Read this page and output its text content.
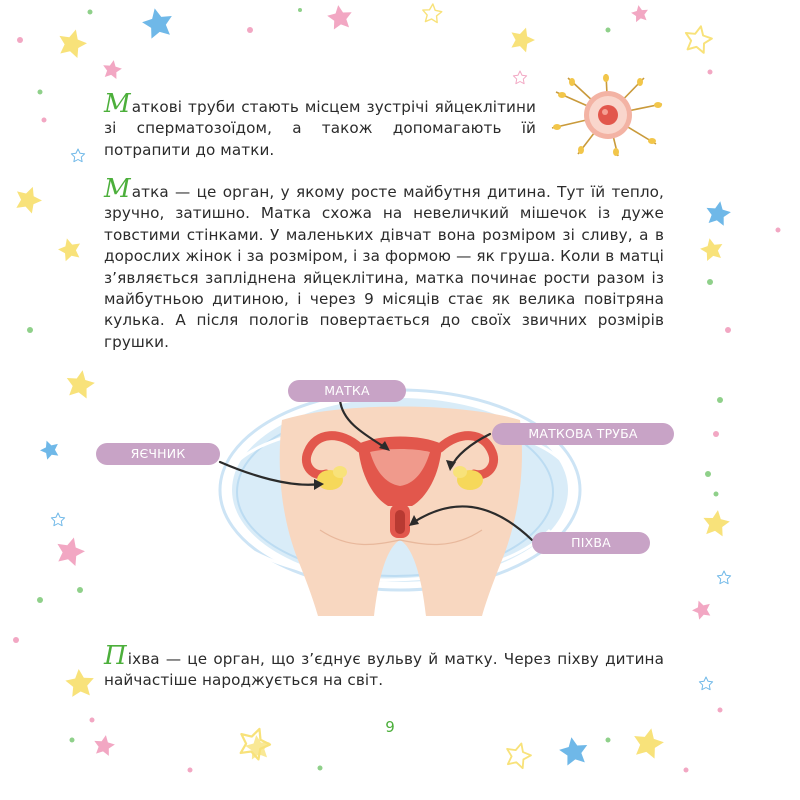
Маткові труби стають місцем зустрічі яйцеклітини зі сперматозоїдом, а також допомагають їй потрапити до матки.
Матка — це орган, у якому росте майбутня дитина. Тут їй тепло, зручно, затишно. Матка схожа на невеличкий мішечок із дуже товстими стінками. У маленьких дівчат вона розміром зі сливу, а в дорослих жінок і за розміром, і за формою — як груша. Коли в матці з’являється запліднена яйцеклітина, матка починає рости разом із майбутньою дитиною, і через 9 місяців стає як велика повітряна кулька. А після пологів повертається до своїх звичних розмірів грушки.
МАТКА
ЯЄЧНИК
МАТКОВА ТРУБА
ПІХВА
Піхва — це орган, що з’єднує вульву й матку. Через піхву дитина найчастіше народжується на світ.
9
